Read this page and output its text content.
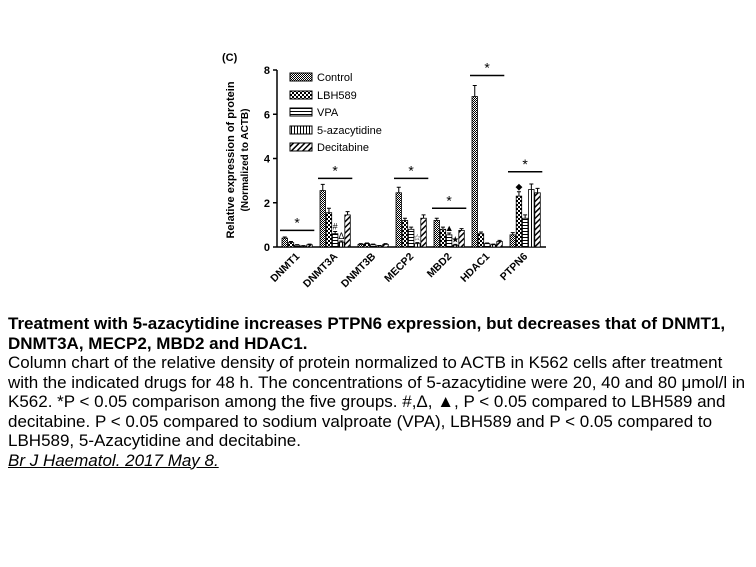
(C)
Relative expression of protein (Normalized to ACTB)
0
2
4
6
8
*
*	*
*
*
*
#
Δ	☆
▲
★
◆
DNMT1
DNMT3A
DNMT3B MECP2 MBD2 HDAC1 PTPN6
Control
LBH589
VPA
5-azacytidine
Decitabine
Treatment with 5-azacytidine increases PTPN6 expression, but decreases that of DNMT1, DNMT3A, MECP2, MBD2 and HDAC1.
Column chart of the relative density of protein normalized to ACTB in K562 cells after treatment with the indicated drugs for 48 h. The concentrations of 5-azacytidine were 20, 40 and 80 μmol/l in K562. *P < 0.05 comparison among the five groups. #,Δ, ▲, P < 0.05 compared to LBH589 and decitabine. P < 0.05 compared to sodium valproate (VPA), LBH589 and P < 0.05 compared to LBH589, 5-Azacytidine and decitabine.
Br J Haematol. 2017 May 8.
